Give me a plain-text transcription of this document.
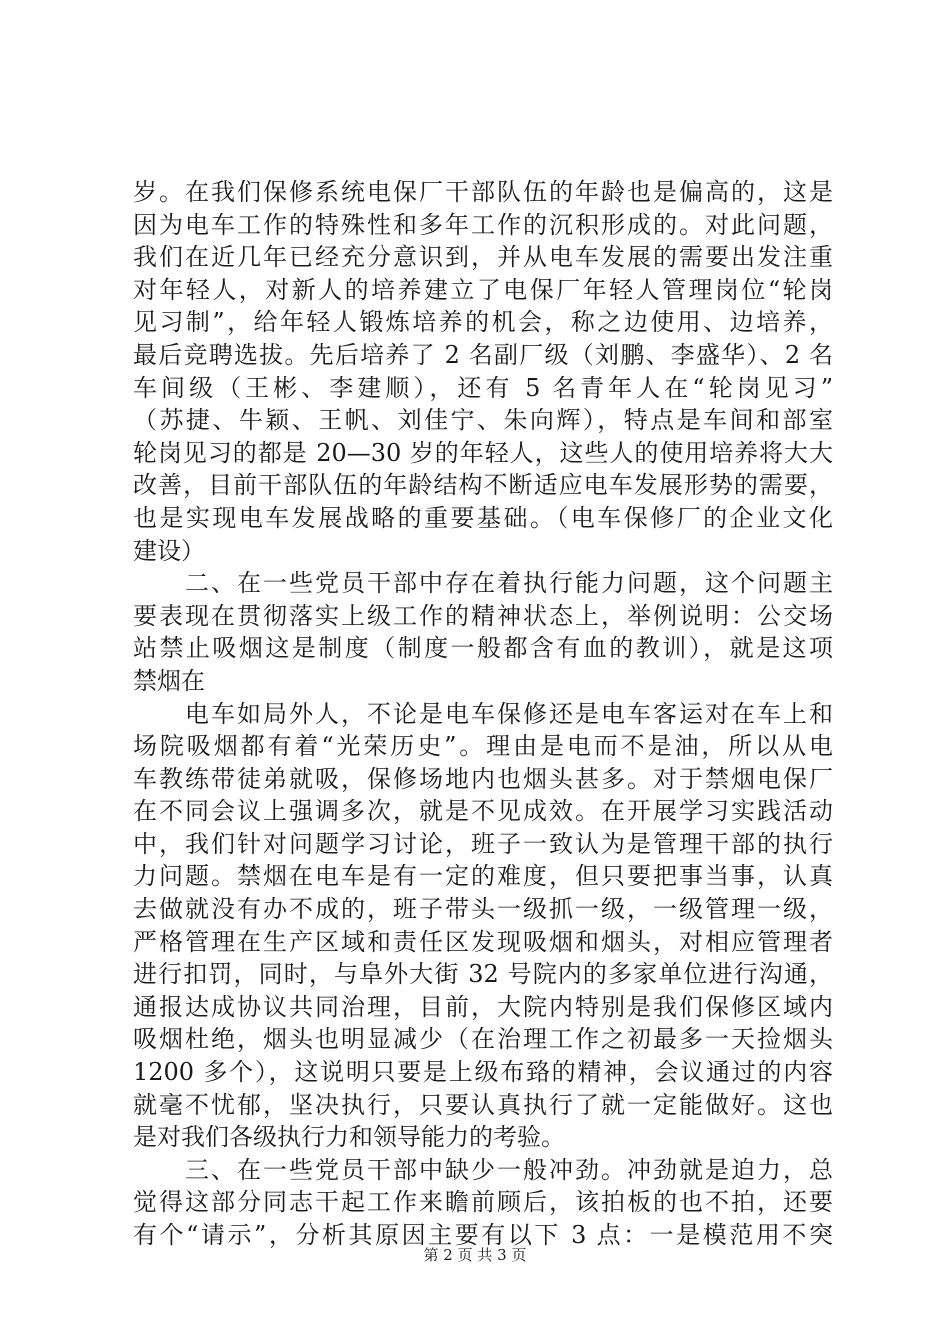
岁。在我们保修系统电保厂干部队伍的年龄也是偏高的，这是
因为电车工作的特殊性和多年工作的沉积形成的。对此问题，
我们在近几年已经充分意识到，并从电车发展的需要出发注重
对年轻人，对新人的培养建立了电保厂年轻人管理岗位“轮岗
见习制”，给年轻人锻炼培养的机会，称之边使用、边培养，
最后竞聘选拔。先后培养了 2 名副厂级（刘鹏、李盛华）、2 名
车间级（王彬、李建顺），还有 5 名青年人在“轮岗见习”
（苏捷、牛颖、王帆、刘佳宁、朱向辉），特点是车间和部室
轮岗见习的都是 20—30 岁的年轻人，这些人的使用培养将大大
改善，目前干部队伍的年龄结构不断适应电车发展形势的需要，
也是实现电车发展战略的重要基础。（电车保修厂的企业文化
建设）
　　二、在一些党员干部中存在着执行能力问题，这个问题主
要表现在贯彻落实上级工作的精神状态上，举例说明：公交场
站禁止吸烟这是制度（制度一般都含有血的教训），就是这项
禁烟在
　　电车如局外人，不论是电车保修还是电车客运对在车上和
场院吸烟都有着“光荣历史”。理由是电而不是油，所以从电
车教练带徒弟就吸，保修场地内也烟头甚多。对于禁烟电保厂
在不同会议上强调多次，就是不见成效。在开展学习实践活动
中，我们针对问题学习讨论，班子一致认为是管理干部的执行
力问题。禁烟在电车是有一定的难度，但只要把事当事，认真
去做就没有办不成的，班子带头一级抓一级，一级管理一级，
严格管理在生产区域和责任区发现吸烟和烟头，对相应管理者
进行扣罚，同时，与阜外大街 32 号院内的多家单位进行沟通，
通报达成协议共同治理，目前，大院内特别是我们保修区域内
吸烟杜绝，烟头也明显减少（在治理工作之初最多一天捡烟头
1200 多个），这说明只要是上级布臵的精神，会议通过的内容
就毫不忧郁，坚决执行，只要认真执行了就一定能做好。这也
是对我们各级执行力和领导能力的考验。
　　三、在一些党员干部中缺少一般冲劲。冲劲就是迫力，总
觉得这部分同志干起工作来瞻前顾后，该拍板的也不拍，还要
有个“请示”，分析其原因主要有以下 3 点：一是模范用不突
第 2 页 共 3 页
